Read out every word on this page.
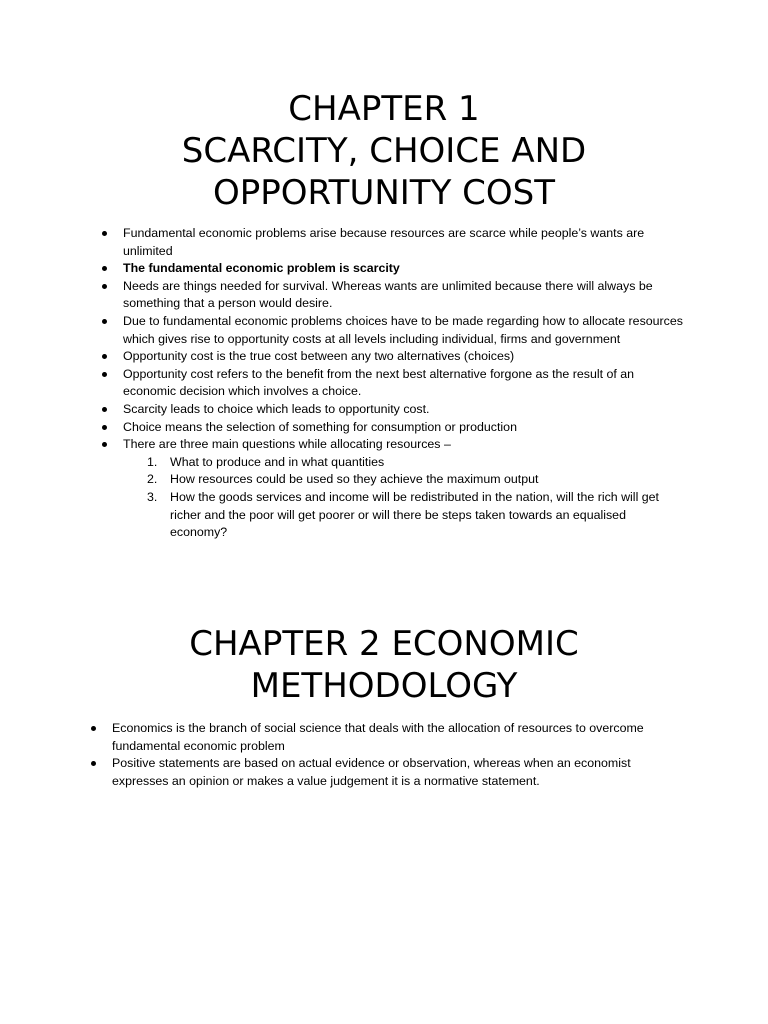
CHAPTER 1
SCARCITY, CHOICE AND
OPPORTUNITY COST
Fundamental economic problems arise because resources are scarce while people’s wants are unlimited
The fundamental economic problem is scarcity
Needs are things needed for survival. Whereas wants are unlimited because there will always be something that a person would desire.
Due to fundamental economic problems choices have to be made regarding how to allocate resources which gives rise to opportunity costs at all levels including individual, firms and government
Opportunity cost is the true cost between any two alternatives (choices)
Opportunity cost refers to the benefit from the next best alternative forgone as the result of an economic decision which involves a choice.
Scarcity leads to choice which leads to opportunity cost.
Choice means the selection of something for consumption or production
There are three main questions while allocating resources –
1. What to produce and in what quantities
2. How resources could be used so they achieve the maximum output
3. How the goods services and income will be redistributed in the nation, will the rich will get richer and the poor will get poorer or will there be steps taken towards an equalised economy?
CHAPTER 2 ECONOMIC
METHODOLOGY
Economics is the branch of social science that deals with the allocation of resources to overcome fundamental economic problem
Positive statements are based on actual evidence or observation, whereas when an economist expresses an opinion or makes a value judgement it is a normative statement.
